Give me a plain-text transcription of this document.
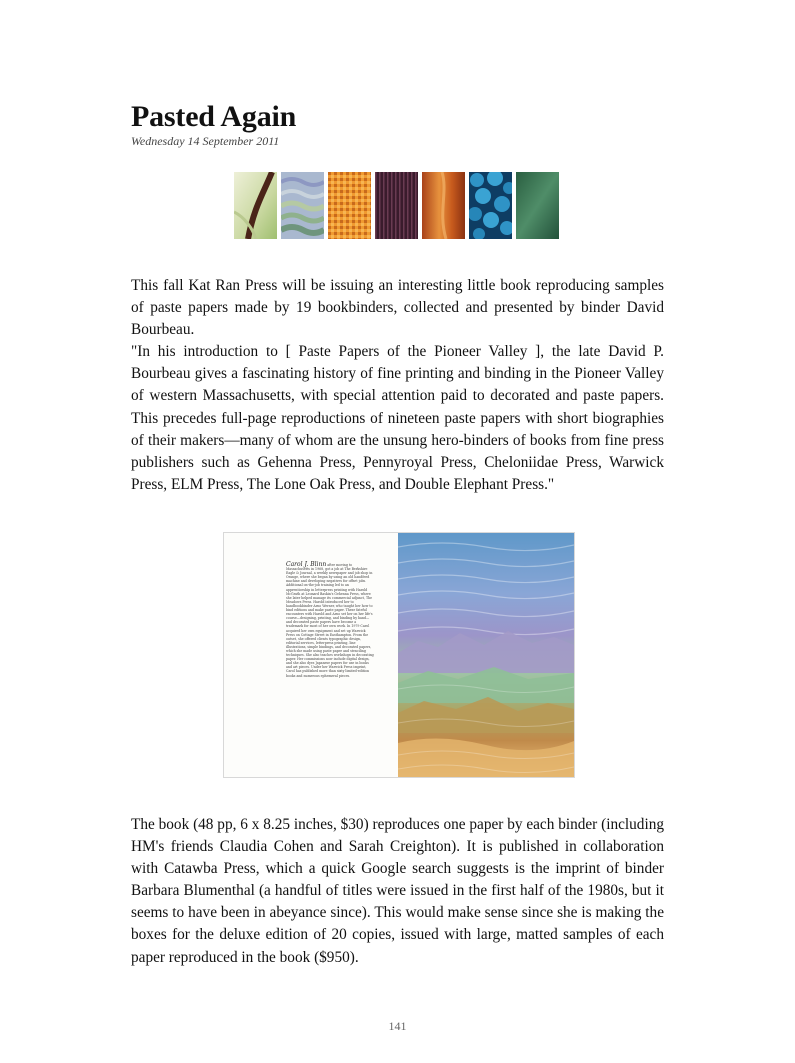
Pasted Again
Wednesday 14 September 2011

This fall Kat Ran Press will be issuing an interesting little book reproducing samples of paste papers made by 19 bookbinders, collected and presented by binder David Bourbeau.

"In his introduction to [ Paste Papers of the Pioneer Valley ], the late David P. Bourbeau gives a fascinating history of fine printing and binding in the Pioneer Valley of western Massachusetts, with special attention paid to decorated and paste papers. This precedes full-page reproductions of nineteen paste papers with short biographies of their makers—many of whom are the unsung hero-binders of books from fine press publishers such as Gehenna Press, Pennyroyal Press, Cheloniidae Press, Warwick Press, ELM Press, The Lone Oak Press, and Double Elephant Press."

Carol J. Blinn after moving to Massachusetts in 1968, got a job at The Berkshire Eagle & Journal, a weekly newspaper and job shop in Orange, where she began by using an old handfeed machine and developing negatives for offset jobs. Additional on-the-job training led to an apprenticeship in letterpress printing with Harold McGrath at Leonard Baskin's Gehenna Press, where she later helped manage its commercial adjunct, The Meadows Press. Harold introduced her to handbookbinder Arno Werner, who taught her how to bind editions and make paste paper. These fateful encounters with Harold and Arno set her on her life's course—designing, printing, and binding by hand—and decorated paste papers have become a trademark for most of her own work. In 1979 Carol acquired her own equipment and set up Warwick Press on Cottage Street in Easthampton. From the outset, she offered clients typographic design, editorial services, letterpress printing, line illustrations, simple bindings, and decorated papers, which she made using paste paper and stenciling techniques. She also teaches workshops in decorating paper. Her commissions now include digital design, and she also dyes Japanese papers for use in books and art pieces. Under her Warwick Press imprint, Carol has published more than sixty limited-edition books and numerous ephemeral pieces.

The book (48 pp, 6 x 8.25 inches, $30) reproduces one paper by each binder (including HM's friends Claudia Cohen and Sarah Creighton). It is published in collaboration with Catawba Press, which a quick Google search suggests is the imprint of binder Barbara Blumenthal (a handful of titles were issued in the first half of the 1980s, but it seems to have been in abeyance since). This would make sense since she is making the boxes for the deluxe edition of 20 copies, issued with large, matted samples of each paper reproduced in the book ($950).

141
